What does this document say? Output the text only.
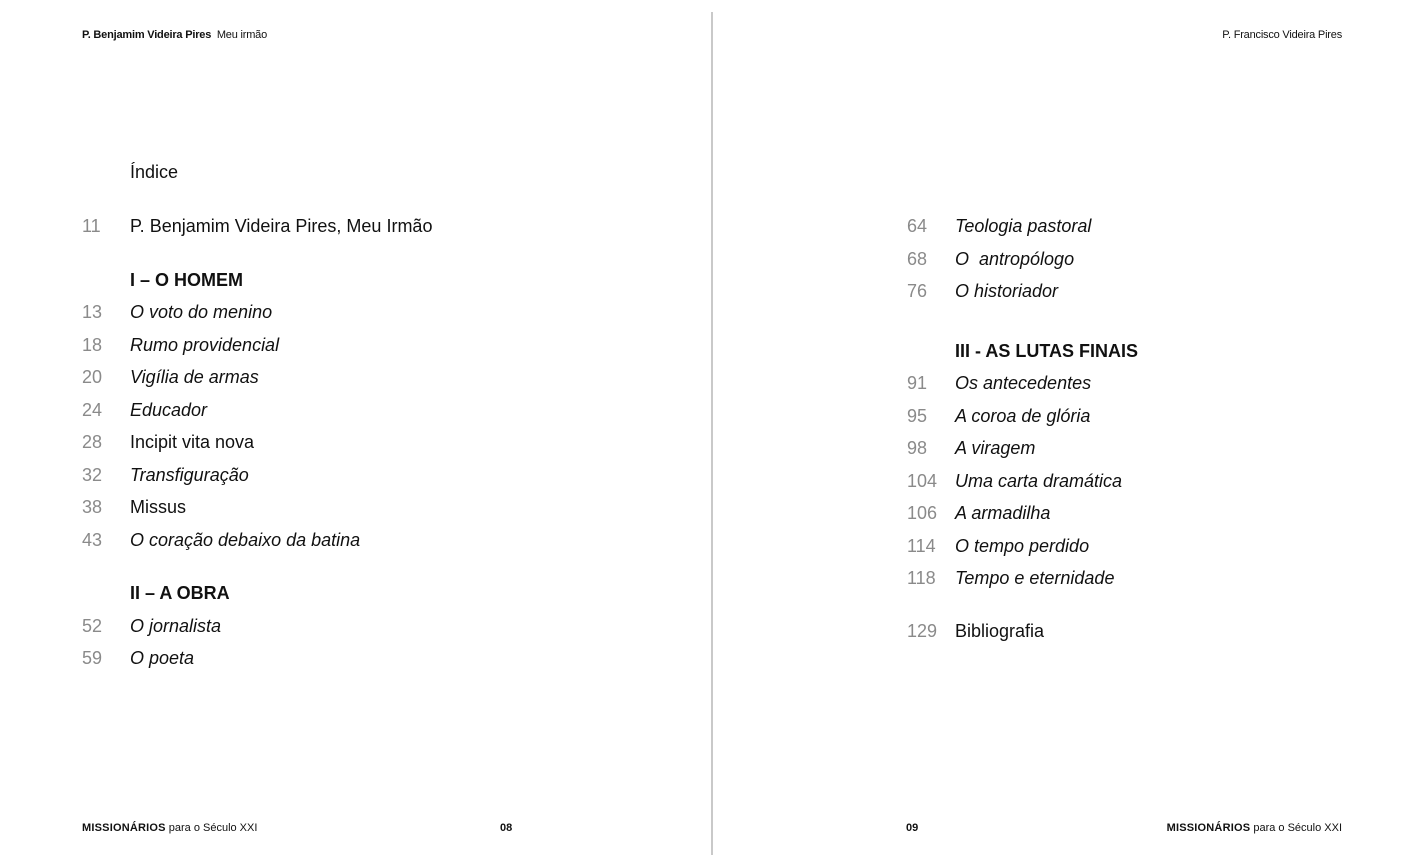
P. Benjamim Videira Pires Meu irmão
Índice
11 P. Benjamim Videira Pires, Meu Irmão
I – O HOMEM
13 O voto do menino
18 Rumo providencial
20 Vigília de armas
24 Educador
28 Incipit vita nova
32 Transfiguração
38 Missus
43 O coração debaixo da batina
II – A OBRA
52 O jornalista
59 O poeta
MISSIONÁRIOS para o Século XXI	08
P. Francisco Videira Pires
64 Teologia pastoral
68 O  antropólogo
76 O historiador
III - AS LUTAS FINAIS
91 Os antecedentes
95 A coroa de glória
98 A viragem
104 Uma carta dramática
106 A armadilha
114 O tempo perdido
118 Tempo e eternidade
129 Bibliografia
09	MISSIONÁRIOS para o Século XXI
